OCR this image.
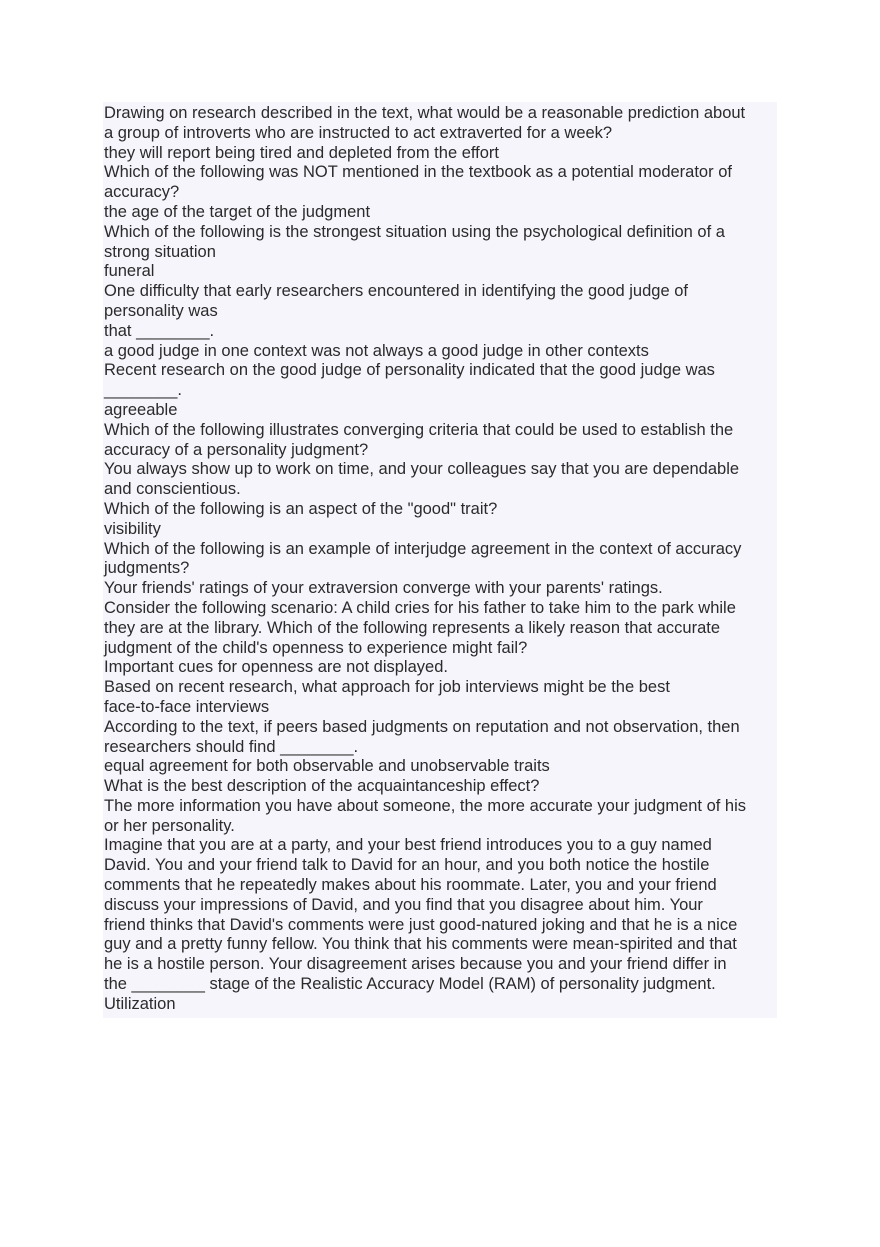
Drawing on research described in the text, what would be a reasonable prediction about
a group of introverts who are instructed to act extraverted for a week?
they will report being tired and depleted from the effort
Which of the following was NOT mentioned in the textbook as a potential moderator of
accuracy?
the age of the target of the judgment
Which of the following is the strongest situation using the psychological definition of a
strong situation
funeral
One difficulty that early researchers encountered in identifying the good judge of
personality was
that ________.
a good judge in one context was not always a good judge in other contexts
Recent research on the good judge of personality indicated that the good judge was
________.
agreeable
Which of the following illustrates converging criteria that could be used to establish the
accuracy of a personality judgment?
You always show up to work on time, and your colleagues say that you are dependable
and conscientious.
Which of the following is an aspect of the "good" trait?
visibility
Which of the following is an example of interjudge agreement in the context of accuracy
judgments?
Your friends' ratings of your extraversion converge with your parents' ratings.
Consider the following scenario: A child cries for his father to take him to the park while
they are at the library. Which of the following represents a likely reason that accurate
judgment of the child's openness to experience might fail?
Important cues for openness are not displayed.
Based on recent research, what approach for job interviews might be the best
face-to-face interviews
According to the text, if peers based judgments on reputation and not observation, then
researchers should find ________.
equal agreement for both observable and unobservable traits
What is the best description of the acquaintanceship effect?
The more information you have about someone, the more accurate your judgment of his
or her personality.
Imagine that you are at a party, and your best friend introduces you to a guy named
David. You and your friend talk to David for an hour, and you both notice the hostile
comments that he repeatedly makes about his roommate. Later, you and your friend
discuss your impressions of David, and you find that you disagree about him. Your
friend thinks that David's comments were just good-natured joking and that he is a nice
guy and a pretty funny fellow. You think that his comments were mean-spirited and that
he is a hostile person. Your disagreement arises because you and your friend differ in
the ________ stage of the Realistic Accuracy Model (RAM) of personality judgment.
Utilization
